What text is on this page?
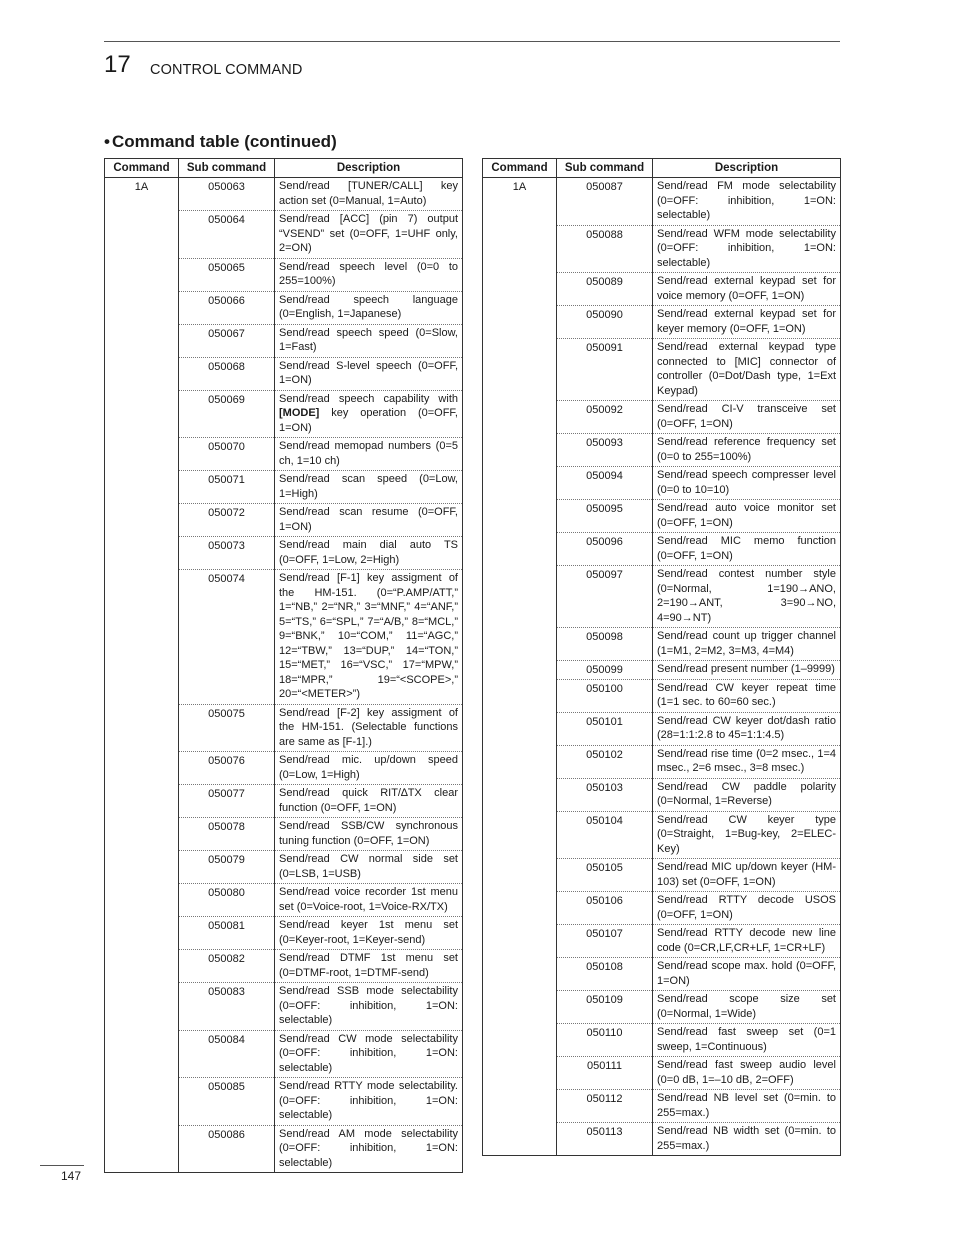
17 CONTROL COMMAND
• Command table (continued)
Command	Sub command	Description
1A	050063	Send/read [TUNER/CALL] key action set (0=Manual, 1=Auto)
	050064	Send/read [ACC] (pin 7) output “VSEND” set (0=OFF, 1=UHF only, 2=ON)
	050065	Send/read speech level (0=0 to 255=100%)
	050066	Send/read speech language (0=English, 1=Japanese)
	050067	Send/read speech speed (0=Slow, 1=Fast)
	050068	Send/read S-level speech (0=OFF, 1=ON)
	050069	Send/read speech capability with [MODE] key operation (0=OFF, 1=ON)
	050070	Send/read memopad numbers (0=5 ch, 1=10 ch)
	050071	Send/read scan speed (0=Low, 1=High)
	050072	Send/read scan resume (0=OFF, 1=ON)
	050073	Send/read main dial auto TS (0=OFF, 1=Low, 2=High)
	050074	Send/read [F-1] key assigment of the HM-151. (0=“P.AMP/ATT,” 1=“NB,” 2=“NR,” 3=“MNF,” 4=“ANF,” 5=“TS,” 6=“SPL,” 7=“A/B,” 8=“MCL,” 9=“BNK,” 10=“COM,” 11=“AGC,” 12=“TBW,” 13=“DUP,” 14=“TON,” 15=“MET,” 16=“VSC,” 17=“MPW,” 18=“MPR,” 19=“<SCOPE>,” 20=“<METER>”)
	050075	Send/read [F-2] key assigment of the HM-151. (Selectable functions are same as [F-1].)
	050076	Send/read mic. up/down speed (0=Low, 1=High)
	050077	Send/read quick RIT/∆TX clear function (0=OFF, 1=ON)
	050078	Send/read SSB/CW synchronous tuning function (0=OFF, 1=ON)
	050079	Send/read CW normal side set (0=LSB, 1=USB)
	050080	Send/read voice recorder 1st menu set (0=Voice-root, 1=Voice-RX/TX)
	050081	Send/read keyer 1st menu set (0=Keyer-root, 1=Keyer-send)
	050082	Send/read DTMF 1st menu set (0=DTMF-root, 1=DTMF-send)
	050083	Send/read SSB mode selectability (0=OFF: inhibition, 1=ON: selectable)
	050084	Send/read CW mode selectability (0=OFF: inhibition, 1=ON: selectable)
	050085	Send/read RTTY mode selectability. (0=OFF: inhibition, 1=ON: selectable)
	050086	Send/read AM mode selectability (0=OFF: inhibition, 1=ON: selectable)

Command	Sub command	Description
1A	050087	Send/read FM mode selectability (0=OFF: inhibition, 1=ON: selectable)
	050088	Send/read WFM mode selectability (0=OFF: inhibition, 1=ON: selectable)
	050089	Send/read external keypad set for voice memory (0=OFF, 1=ON)
	050090	Send/read external keypad set for keyer memory (0=OFF, 1=ON)
	050091	Send/read external keypad type connected to [MIC] connector of controller (0=Dot/Dash type, 1=Ext Keypad)
	050092	Send/read CI-V transceive set (0=OFF, 1=ON)
	050093	Send/read reference frequency set (0=0 to 255=100%)
	050094	Send/read speech compresser level (0=0 to 10=10)
	050095	Send/read auto voice monitor set (0=OFF, 1=ON)
	050096	Send/read MIC memo function (0=OFF, 1=ON)
	050097	Send/read contest number style (0=Normal, 1=190→ANO, 2=190→ANT, 3=90→NO, 4=90→NT)
	050098	Send/read count up trigger channel (1=M1, 2=M2, 3=M3, 4=M4)
	050099	Send/read present number (1–9999)
	050100	Send/read CW keyer repeat time (1=1 sec. to 60=60 sec.)
	050101	Send/read CW keyer dot/dash ratio (28=1:1:2.8 to 45=1:1:4.5)
	050102	Send/read rise time (0=2 msec., 1=4 msec., 2=6 msec., 3=8 msec.)
	050103	Send/read CW paddle polarity (0=Normal, 1=Reverse)
	050104	Send/read CW keyer type (0=Straight, 1=Bug-key, 2=ELEC-Key)
	050105	Send/read MIC up/down keyer (HM-103) set (0=OFF, 1=ON)
	050106	Send/read RTTY decode USOS (0=OFF, 1=ON)
	050107	Send/read RTTY decode new line code (0=CR,LF,CR+LF, 1=CR+LF)
	050108	Send/read scope max. hold (0=OFF, 1=ON)
	050109	Send/read scope size set (0=Normal, 1=Wide)
	050110	Send/read fast sweep set (0=1 sweep, 1=Continuous)
	050111	Send/read fast sweep audio level (0=0 dB, 1=–10 dB, 2=OFF)
	050112	Send/read NB level set (0=min. to 255=max.)
	050113	Send/read NB width set (0=min. to 255=max.)

147
